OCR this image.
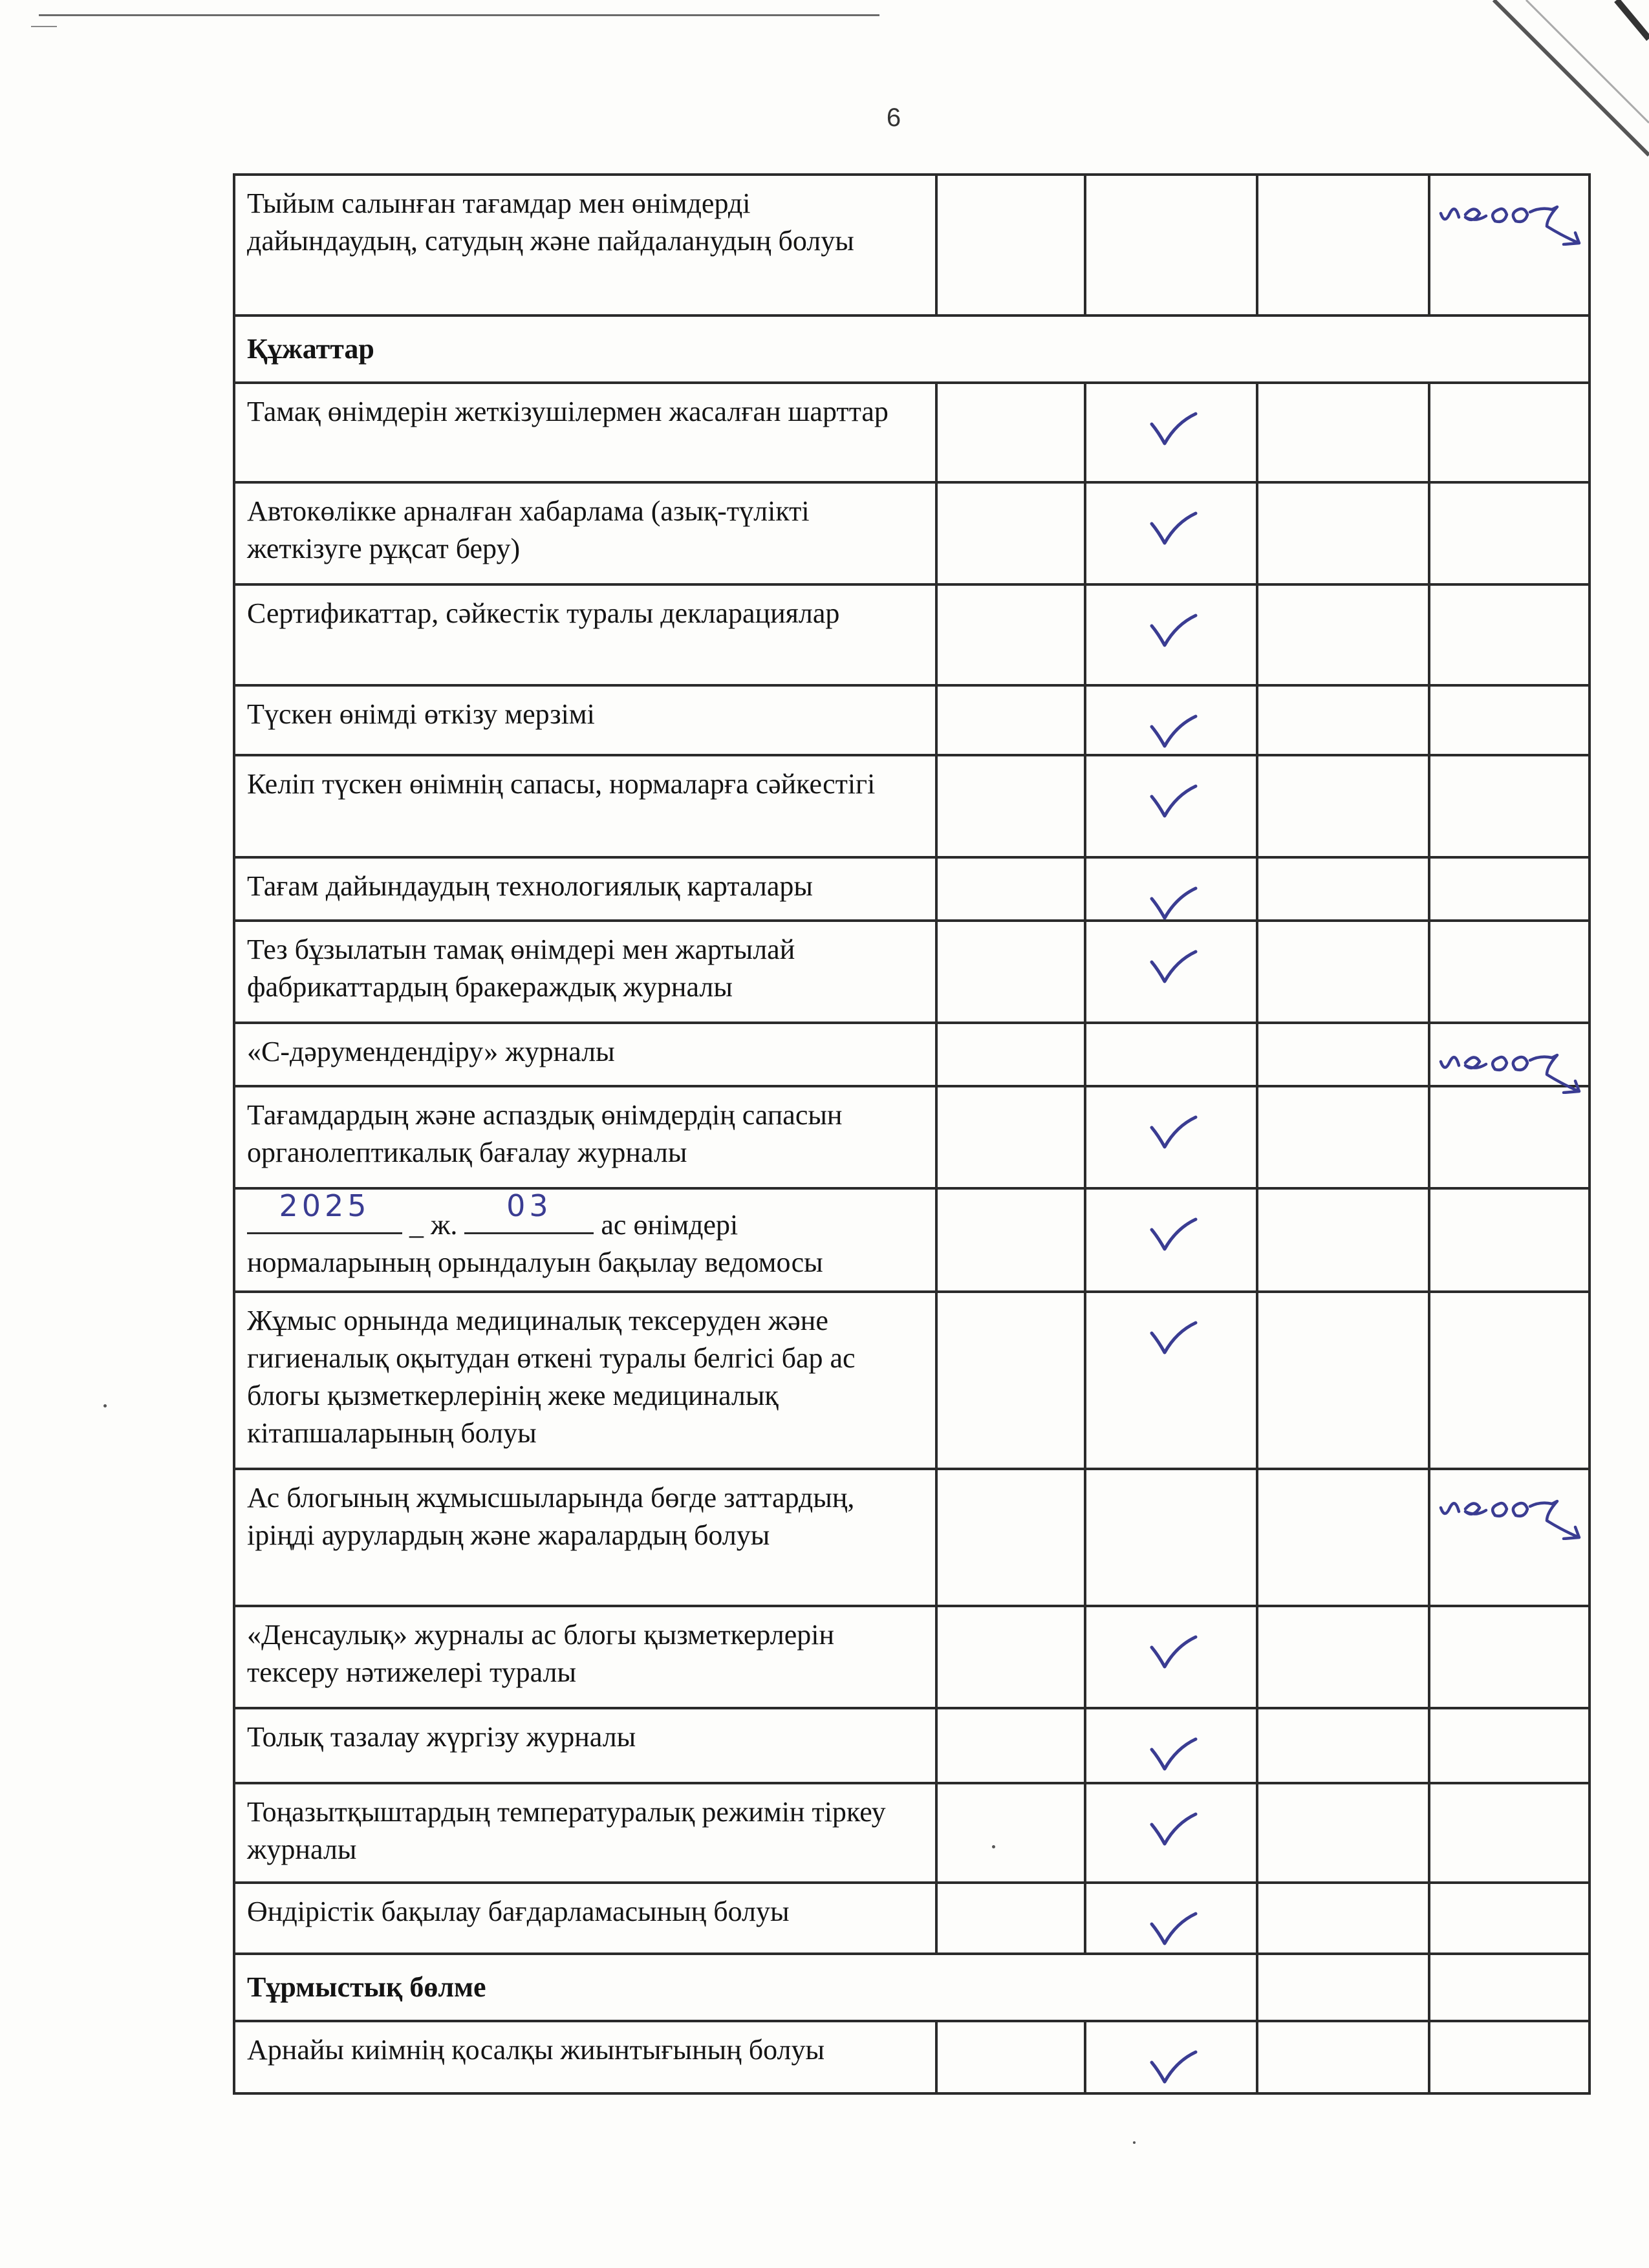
6
Тыйым салынған тағамдар мен өнімдерді дайындаудың, сатудың және пайдаланудың болуы				

Құжаттар				
Тамақ өнімдерін жеткізушілермен жасалған шарттар		

Автокөлікке арналған хабарлама (азық-түлікті жеткізуге рұқсат беру)		

Сертификаттар, сәйкестік туралы декларациялар		

Түскен өнімді өткізу мерзімі		

Келіп түскен өнімнің сапасы, нормаларға сәйкестігі		

Тағам дайындаудың технологиялық карталары		

Тез бұзылатын тамақ өнімдері мен жартылай фабрикаттардың бракераждық журналы		

«С-дәрумендендіру» журналы				

Тағамдардың және аспаздық өнімдердің сапасын органолептикалық бағалау журналы		

2025
_ ж.
03
ас өнімдері
нормаларының орындалуын бақылау ведомосы		

Жұмыс орнында медициналық тексеруден және гигиеналық оқытудан өткені туралы белгісі бар ас блогы қызметкерлерінің жеке медициналық кітапшаларының болуы		

Ас блогының жұмысшыларында бөгде заттардың, іріңді аурулардың және жаралардың болуы				

«Денсаулық» журналы ас блогы қызметкерлерін тексеру нәтижелері туралы		

Толық тазалау жүргізу журналы		

Тоңазытқыштардың температуралық режимін тіркеу журналы		

Өндірістік бақылау бағдарламасының болуы		

Тұрмыстық бөлме				
Арнайы киімнің қосалқы жиынтығының болуы		
